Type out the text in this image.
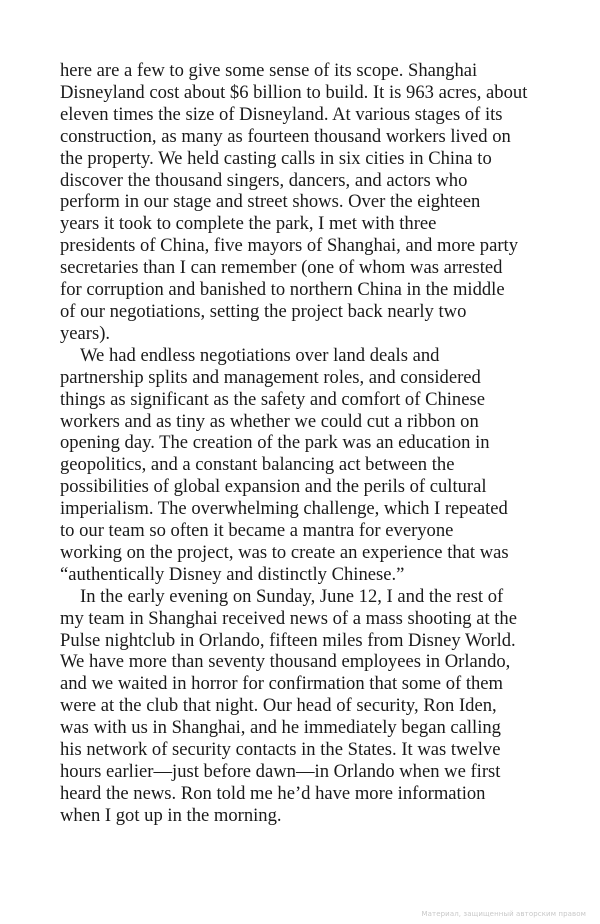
here are a few to give some sense of its scope. Shanghai
Disneyland cost about $6 billion to build. It is 963 acres, about
eleven times the size of Disneyland. At various stages of its
construction, as many as fourteen thousand workers lived on
the property. We held casting calls in six cities in China to
discover the thousand singers, dancers, and actors who
perform in our stage and street shows. Over the eighteen
years it took to complete the park, I met with three
presidents of China, five mayors of Shanghai, and more party
secretaries than I can remember (one of whom was arrested
for corruption and banished to northern China in the middle
of our negotiations, setting the project back nearly two
years).
We had endless negotiations over land deals and
partnership splits and management roles, and considered
things as significant as the safety and comfort of Chinese
workers and as tiny as whether we could cut a ribbon on
opening day. The creation of the park was an education in
geopolitics, and a constant balancing act between the
possibilities of global expansion and the perils of cultural
imperialism. The overwhelming challenge, which I repeated
to our team so often it became a mantra for everyone
working on the project, was to create an experience that was
“authentically Disney and distinctly Chinese.”
In the early evening on Sunday, June 12, I and the rest of
my team in Shanghai received news of a mass shooting at the
Pulse nightclub in Orlando, fifteen miles from Disney World.
We have more than seventy thousand employees in Orlando,
and we waited in horror for confirmation that some of them
were at the club that night. Our head of security, Ron Iden,
was with us in Shanghai, and he immediately began calling
his network of security contacts in the States. It was twelve
hours earlier—just before dawn—in Orlando when we first
heard the news. Ron told me he’d have more information
when I got up in the morning.
Материал, защищенный авторским правом
